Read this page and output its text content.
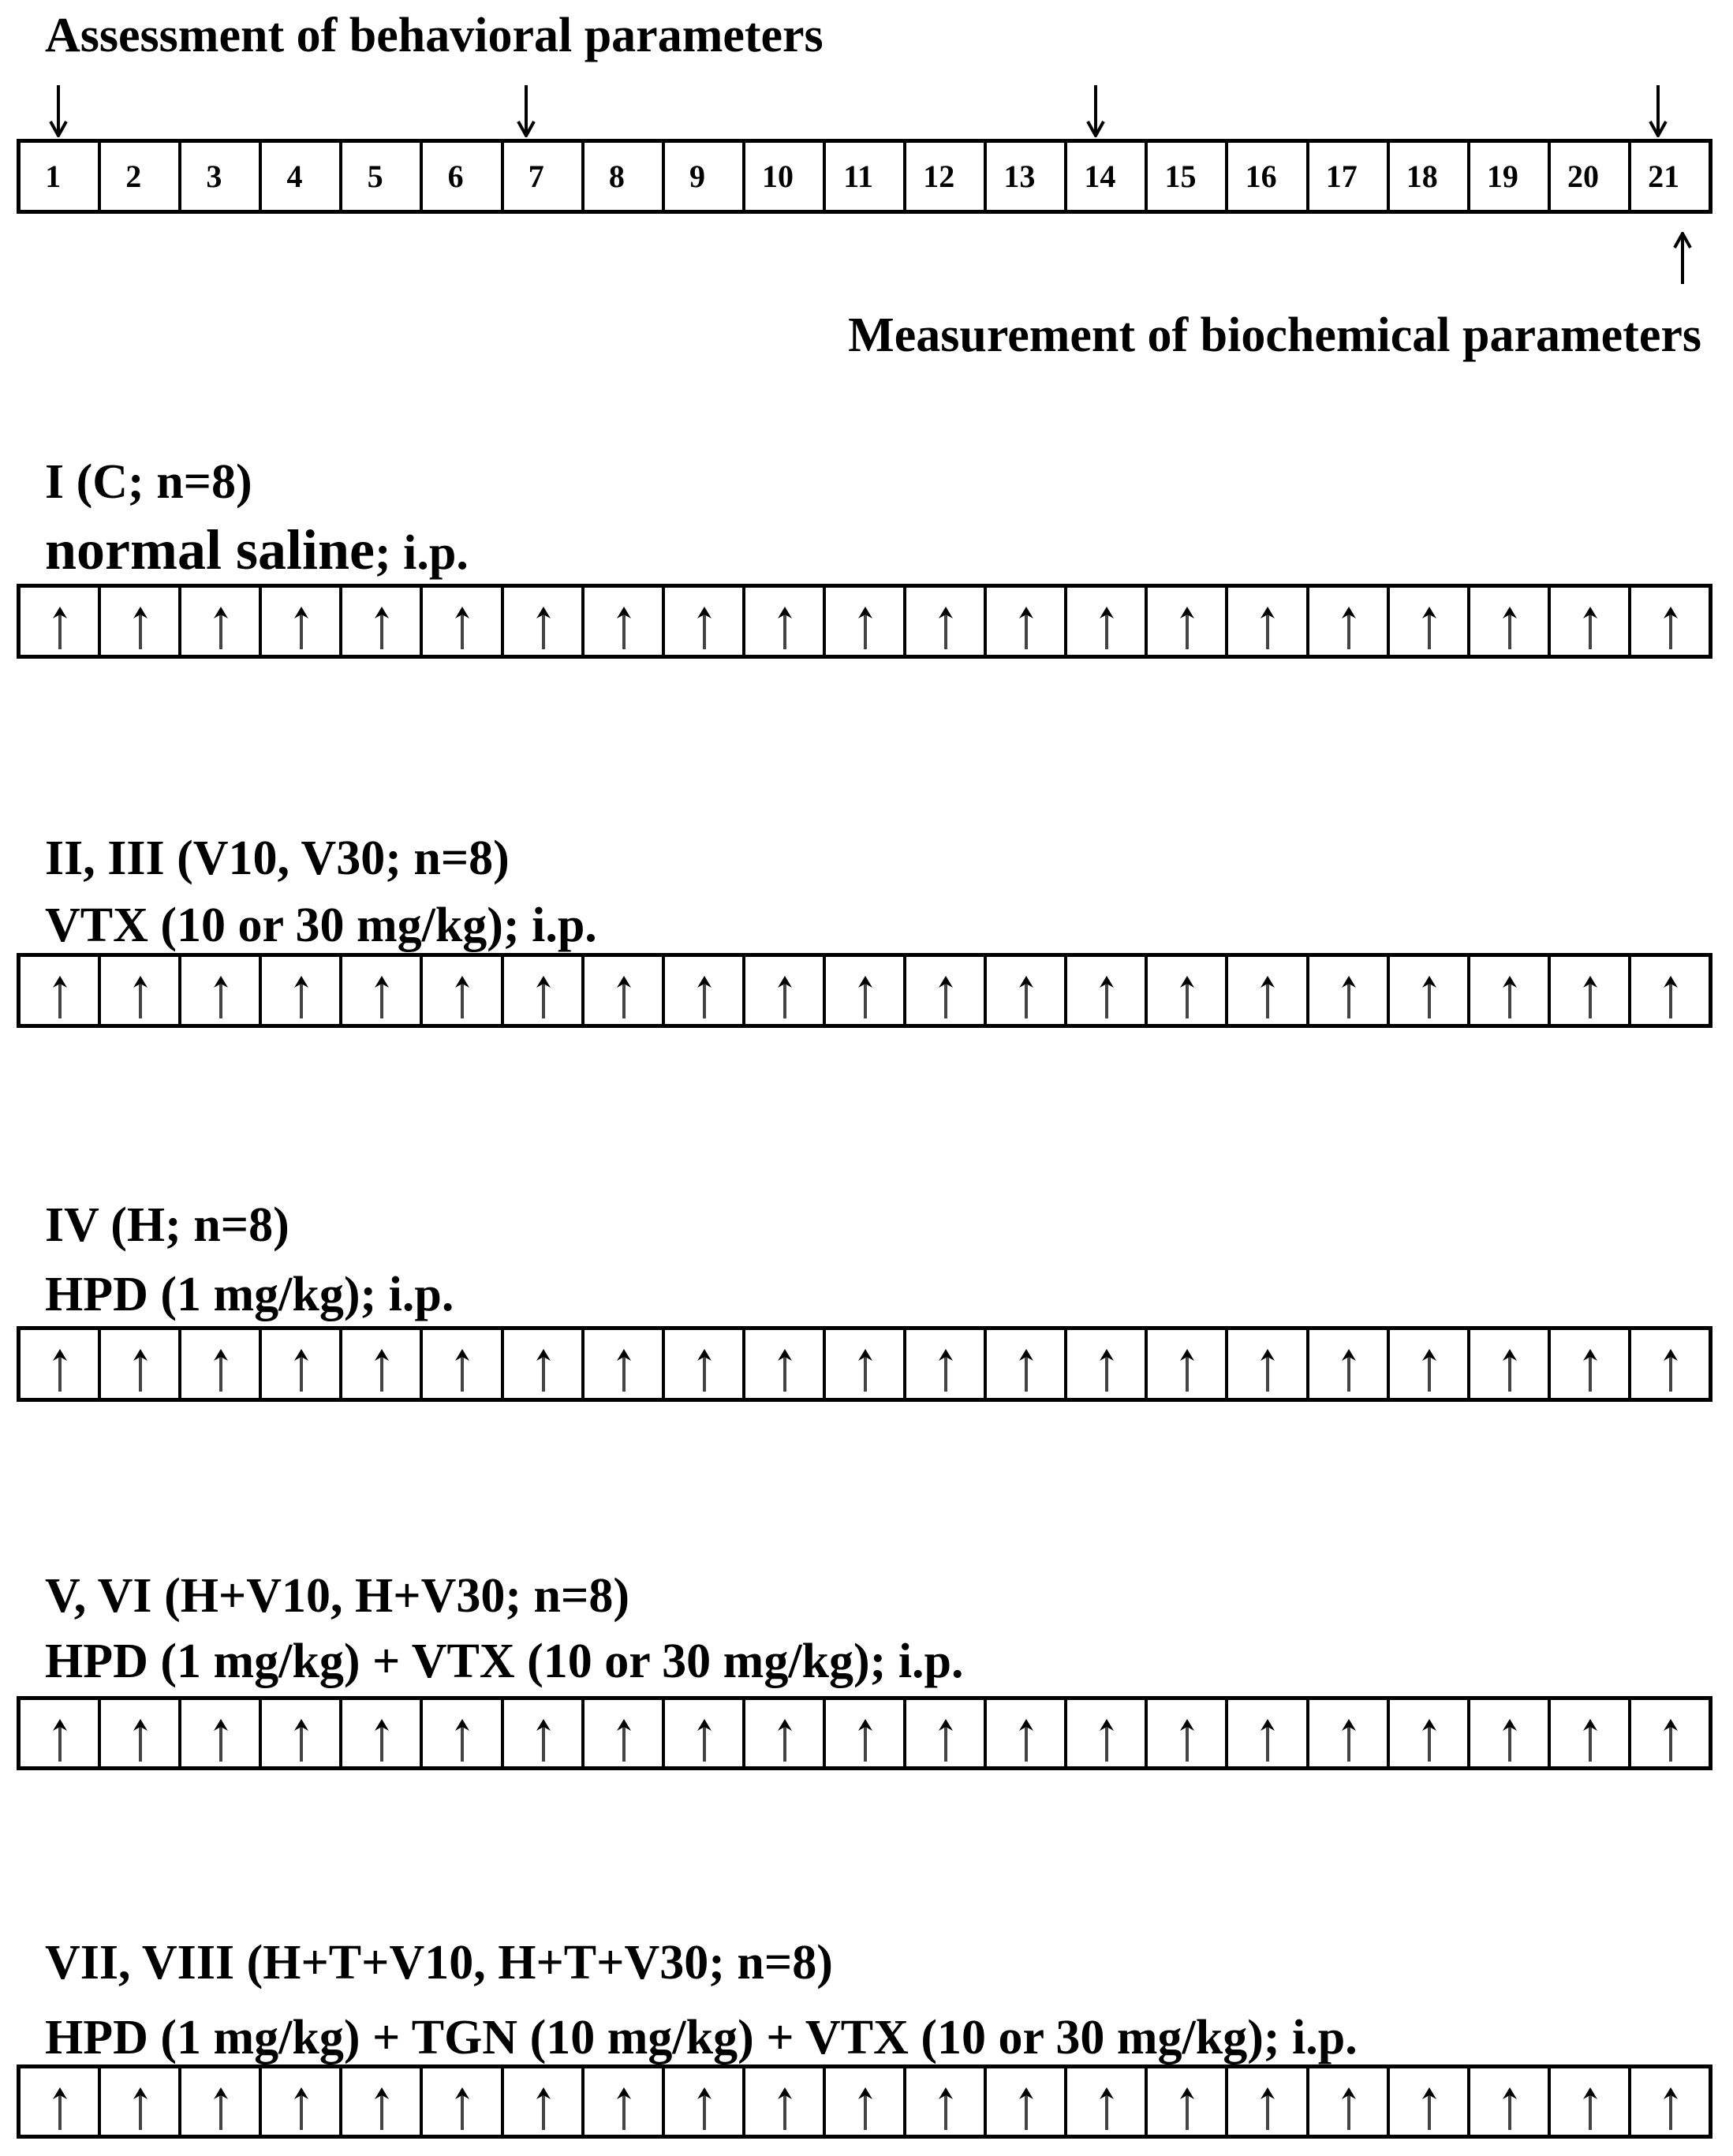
Assessment of behavioral parameters
1 2 3 4 5 6 7 8 9 10 11 12 13 14 15 16 17 18 19 20 21
Measurement of biochemical parameters
I (C; n=8)
normal saline; i.p.
II, III (V10, V30; n=8)
VTX (10 or 30 mg/kg); i.p.
IV (H; n=8)
HPD (1 mg/kg); i.p.
V, VI (H+V10, H+V30; n=8)
HPD (1 mg/kg) + VTX (10 or 30 mg/kg); i.p.
VII, VIII (H+T+V10, H+T+V30; n=8)
HPD (1 mg/kg) + TGN (10 mg/kg) + VTX (10 or 30 mg/kg); i.p.
